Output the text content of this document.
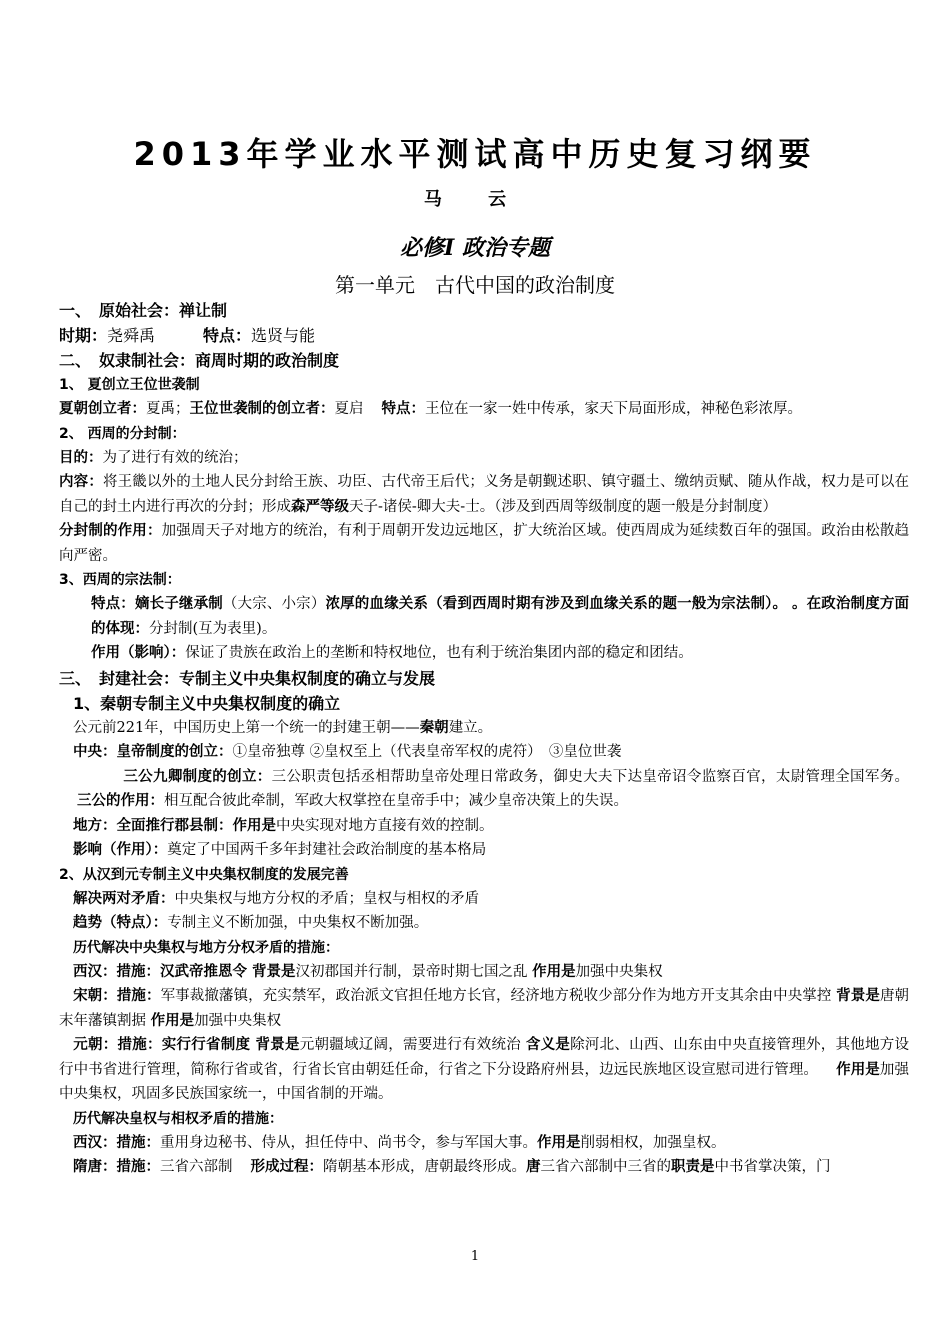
2013年学业水平测试高中历史复习纲要
马 云
必修Ⅰ 政治专题
第一单元　古代中国的政治制度

一、　原始社会：禅让制

时期：尧舜禹	特点：选贤与能

二、　奴隶制社会：商周时期的政治制度

1、 夏创立王位世袭制

夏朝创立者：夏禹；王位世袭制的创立者：夏启 特点：王位在一家一姓中传承，家天下局面形成，神秘色彩浓厚。

2、 西周的分封制：

目的：为了进行有效的统治；

内容：将王畿以外的土地人民分封给王族、功臣、古代帝王后代；义务是朝觐述职、镇守疆土、缴纳贡赋、随从作战，权力是可以在自己的封土内进行再次的分封；形成森严等级天子-诸侯-卿大夫-士。（涉及到西周等级制度的题一般是分封制度）

分封制的作用：加强周天子对地方的统治，有利于周朝开发边远地区，扩大统治区域。使西周成为延续数百年的强国。政治由松散趋向严密。

3、西周的宗法制：

特点：嫡长子继承制（大宗、小宗）浓厚的血缘关系（看到西周时期有涉及到血缘关系的题一般为宗法制）。 。在政治制度方面的体现：分封制(互为表里)。

作用（影响）：保证了贵族在政治上的垄断和特权地位，也有利于统治集团内部的稳定和团结。

三、　封建社会：专制主义中央集权制度的确立与发展

1、秦朝专制主义中央集权制度的确立

公元前221年，中国历史上第一个统一的封建王朝——秦朝建立。

中央：皇帝制度的创立：①皇帝独尊 ②皇权至上（代表皇帝军权的虎符）　③皇位世袭

三公九卿制度的创立：三公职责包括丞相帮助皇帝处理日常政务，御史大夫下达皇帝诏令监察百官，太尉管理全国军务。三公的作用：相互配合彼此牵制，军政大权掌控在皇帝手中；减少皇帝决策上的失误。

地方：全面推行郡县制：作用是中央实现对地方直接有效的控制。

影响（作用）：奠定了中国两千多年封建社会政治制度的基本格局

2、从汉到元专制主义中央集权制度的发展完善

解决两对矛盾：中央集权与地方分权的矛盾；皇权与相权的矛盾

趋势（特点）：专制主义不断加强，中央集权不断加强。

历代解决中央集权与地方分权矛盾的措施：

西汉：措施：汉武帝推恩令 背景是汉初郡国并行制，景帝时期七国之乱 作用是加强中央集权

宋朝：措施：军事裁撤藩镇，充实禁军，政治派文官担任地方长官，经济地方税收少部分作为地方开支其余由中央掌控 背景是唐朝末年藩镇割据 作用是加强中央集权

元朝：措施：实行行省制度 背景是元朝疆域辽阔，需要进行有效统治 含义是除河北、山西、山东由中央直接管理外，其他地方设行中书省进行管理，简称行省或省，行省长官由朝廷任命，行省之下分设路府州县，边远民族地区设宣慰司进行管理。 作用是加强中央集权，巩固多民族国家统一，中国省制的开端。

历代解决皇权与相权矛盾的措施：

西汉：措施：重用身边秘书、侍从，担任侍中、尚书令，参与军国大事。作用是削弱相权，加强皇权。

隋唐：措施：三省六部制 形成过程：隋朝基本形成，唐朝最终形成。唐三省六部制中三省的职责是中书省掌决策，门

1
